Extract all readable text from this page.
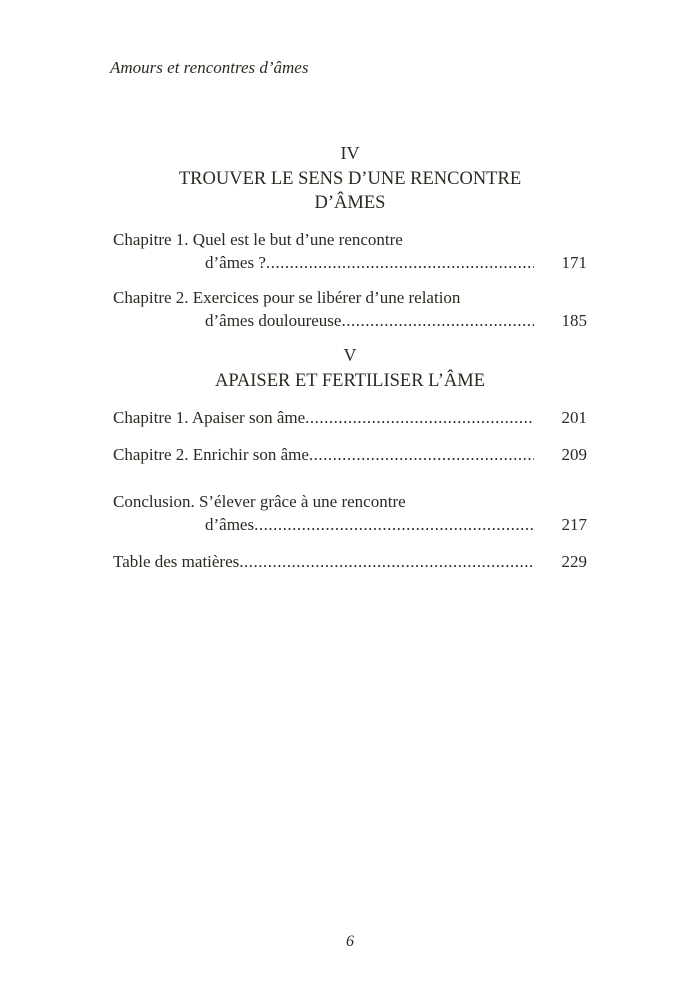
Amours et rencontres d’âmes
IV
TROUVER LE SENS D’UNE RENCONTRE
D’ÂMES
Chapitre 1. Quel est le but d’une rencontre
d’âmes ? .....	171
Chapitre 2. Exercices pour se libérer d’une relation
d’âmes douloureuse .....	185
V
APAISER ET FERTILISER L’ÂME
Chapitre 1. Apaiser son âme .....	201
Chapitre 2. Enrichir son âme .....	209
Conclusion. S’élever grâce à une rencontre
d’âmes .....	217
Table des matières .....	229
6
